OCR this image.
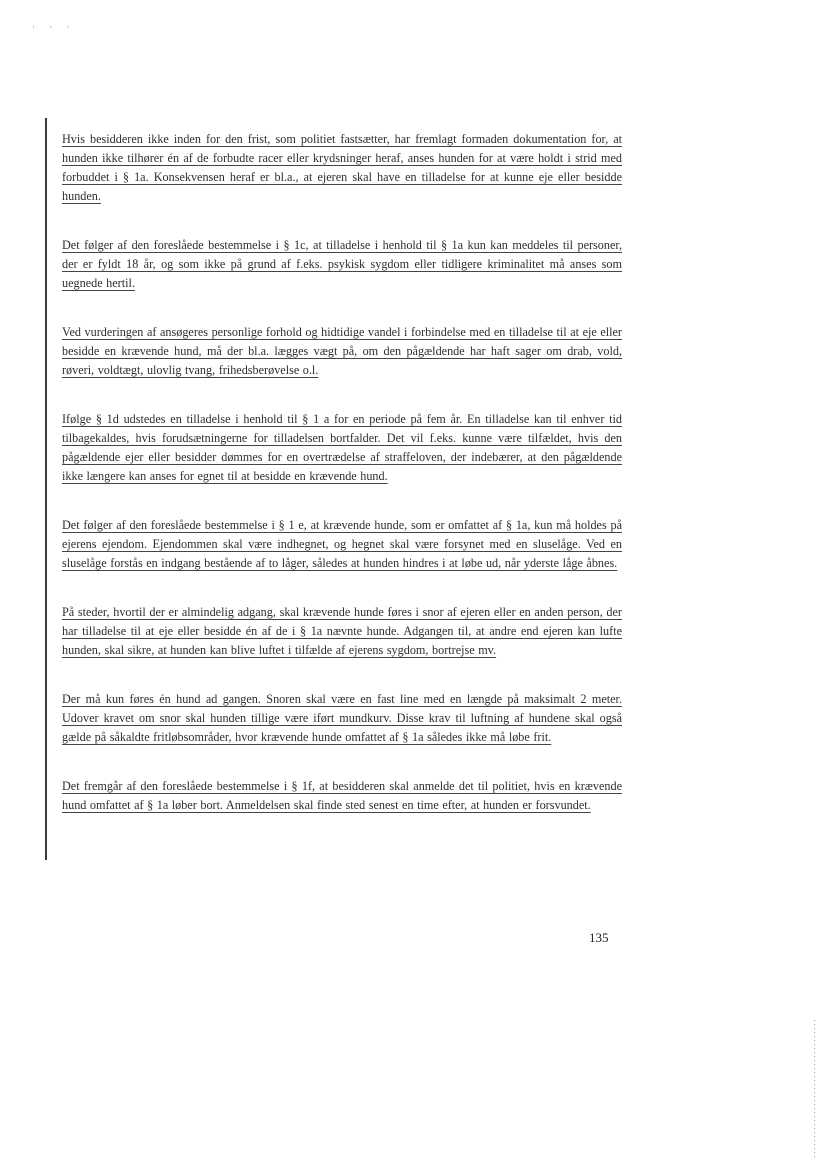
· · ·

Hvis besidderen ikke inden for den frist, som politiet fastsætter, har fremlagt formaden dokumentation for, at hunden ikke tilhører én af de forbudte racer eller krydsninger heraf, anses hunden for at være holdt i strid med forbuddet i § 1a. Konsekvensen heraf er bl.a., at ejeren skal have en tilladelse for at kunne eje eller besidde hunden.

Det følger af den foreslåede bestemmelse i § 1c, at tilladelse i henhold til § 1a kun kan meddeles til personer, der er fyldt 18 år, og som ikke på grund af f.eks. psykisk sygdom eller tidligere kriminalitet må anses som uegnede hertil.

Ved vurderingen af ansøgeres personlige forhold og hidtidige vandel i forbindelse med en tilladelse til at eje eller besidde en krævende hund, må der bl.a. lægges vægt på, om den pågældende har haft sager om drab, vold, røveri, voldtægt, ulovlig tvang, frihedsberøvelse o.l.

Ifølge § 1d udstedes en tilladelse i henhold til § 1 a for en periode på fem år. En tilladelse kan til enhver tid tilbagekaldes, hvis forudsætningerne for tilladelsen bortfalder. Det vil f.eks. kunne være tilfældet, hvis den pågældende ejer eller besidder dømmes for en overtrædelse af straffeloven, der indebærer, at den pågældende ikke længere kan anses for egnet til at besidde en krævende hund.

Det følger af den foreslåede bestemmelse i § 1 e, at krævende hunde, som er omfattet af § 1a, kun må holdes på ejerens ejendom. Ejendommen skal være indhegnet, og hegnet skal være forsynet med en sluselåge. Ved en sluselåge forstås en indgang bestående af to låger, således at hunden hindres i at løbe ud, når yderste låge åbnes.

På steder, hvortil der er almindelig adgang, skal krævende hunde føres i snor af ejeren eller en anden person, der har tilladelse til at eje eller besidde én af de i § 1a nævnte hunde. Adgangen til, at andre end ejeren kan lufte hunden, skal sikre, at hunden kan blive luftet i tilfælde af ejerens sygdom, bortrejse mv.

Der må kun føres én hund ad gangen. Snoren skal være en fast line med en længde på maksimalt 2 meter. Udover kravet om snor skal hunden tillige være iført mundkurv. Disse krav til luftning af hundene skal også gælde på såkaldte fritløbsområder, hvor krævende hunde omfattet af § 1a således ikke må løbe frit.

Det fremgår af den foreslåede bestemmelse i § 1f, at besidderen skal anmelde det til politiet, hvis en krævende hund omfattet af § 1a løber bort. Anmeldelsen skal finde sted senest en time efter, at hunden er forsvundet.

135
